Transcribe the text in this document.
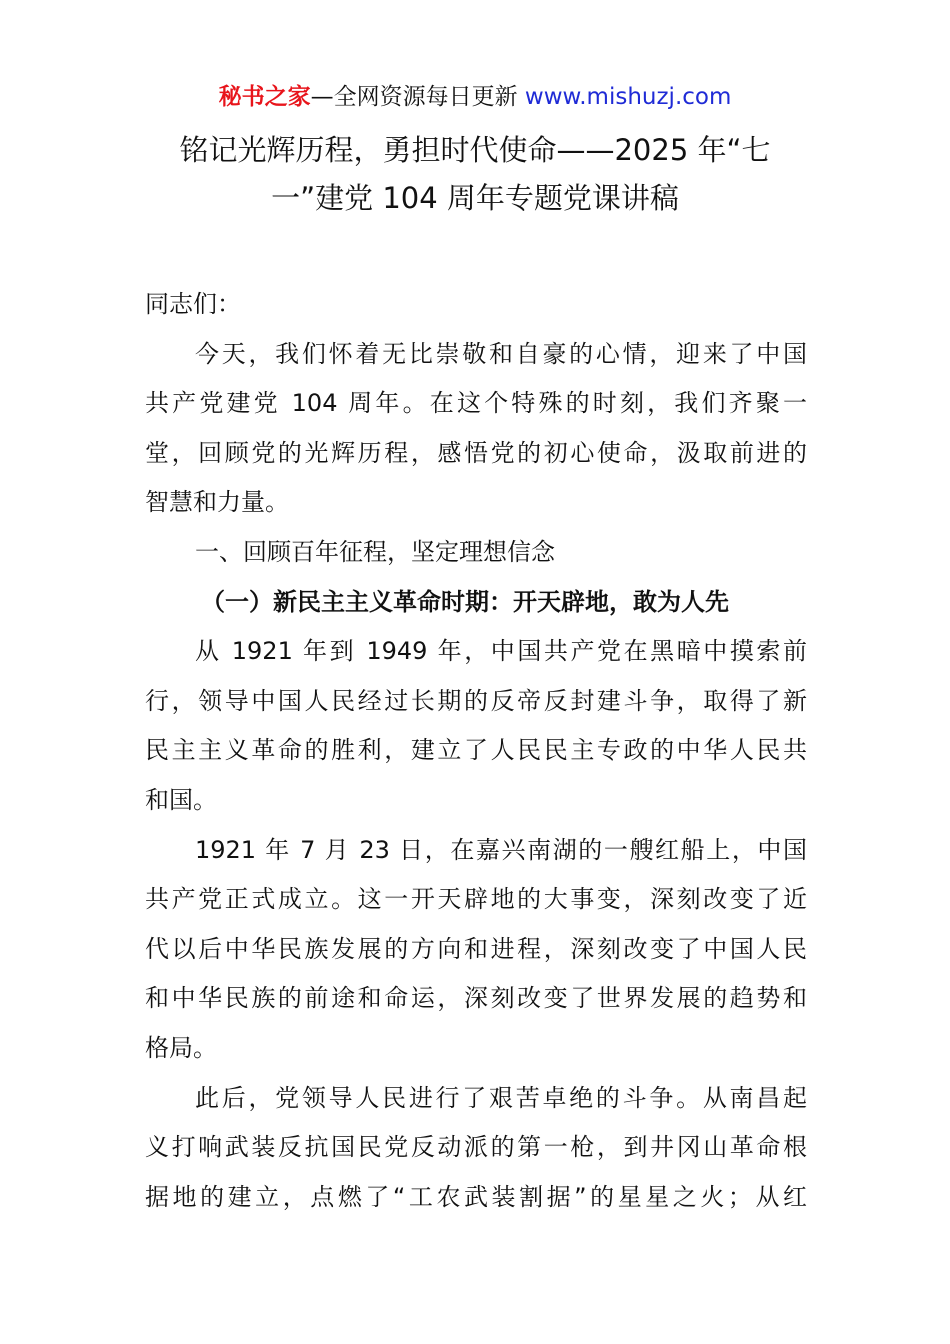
秘书之家—全网资源每日更新 www.mishuzj.com
铭记光辉历程，勇担时代使命——2025 年“七
一”建党 104 周年专题党课讲稿
同志们：
今天，我们怀着无比崇敬和自豪的心情，迎来了中国
共产党建党 104 周年。在这个特殊的时刻，我们齐聚一
堂，回顾党的光辉历程，感悟党的初心使命，汲取前进的
智慧和力量。
一、回顾百年征程，坚定理想信念
（一）新民主主义革命时期：开天辟地，敢为人先
从 1921 年到 1949 年，中国共产党在黑暗中摸索前
行，领导中国人民经过长期的反帝反封建斗争，取得了新
民主主义革命的胜利，建立了人民民主专政的中华人民共
和国。
1921 年 7 月 23 日，在嘉兴南湖的一艘红船上，中国
共产党正式成立。这一开天辟地的大事变，深刻改变了近
代以后中华民族发展的方向和进程，深刻改变了中国人民
和中华民族的前途和命运，深刻改变了世界发展的趋势和
格局。
此后，党领导人民进行了艰苦卓绝的斗争。从南昌起
义打响武装反抗国民党反动派的第一枪，到井冈山革命根
据地的建立，点燃了“工农武装割据”的星星之火；从红
